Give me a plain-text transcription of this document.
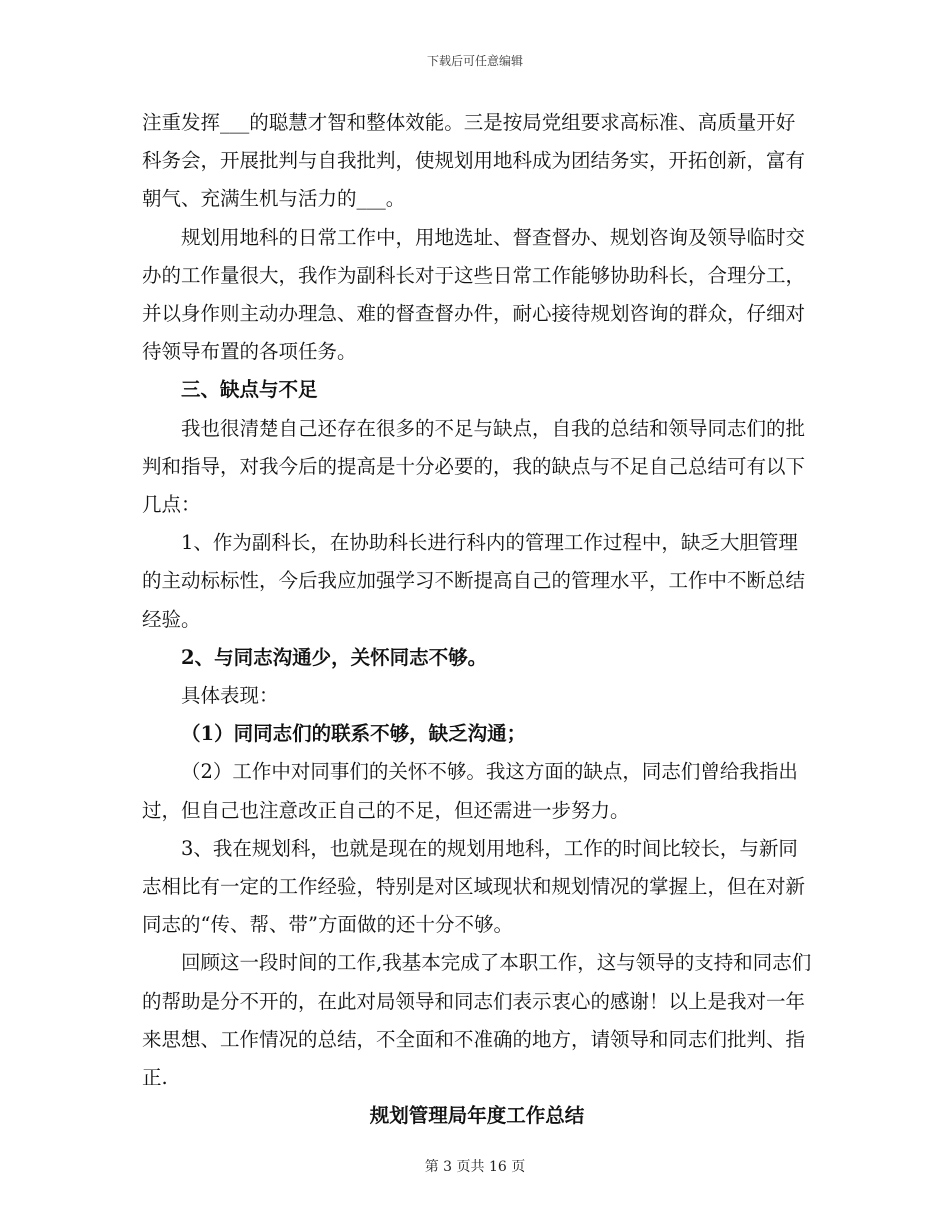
下载后可任意编辑

注重发挥___的聪慧才智和整体效能。三是按局党组要求高标准、高质量开好科务会，开展批判与自我批判，使规划用地科成为团结务实，开拓创新，富有朝气、充满生机与活力的___。

规划用地科的日常工作中，用地选址、督查督办、规划咨询及领导临时交办的工作量很大，我作为副科长对于这些日常工作能够协助科长，合理分工，并以身作则主动办理急、难的督查督办件，耐心接待规划咨询的群众，仔细对待领导布置的各项任务。

三、缺点与不足

我也很清楚自己还存在很多的不足与缺点，自我的总结和领导同志们的批判和指导，对我今后的提高是十分必要的，我的缺点与不足自己总结可有以下几点：

1、作为副科长，在协助科长进行科内的管理工作过程中，缺乏大胆管理的主动标标性，今后我应加强学习不断提高自己的管理水平，工作中不断总结经验。

2、与同志沟通少，关怀同志不够。

具体表现：

（1）同同志们的联系不够，缺乏沟通；

（2）工作中对同事们的关怀不够。我这方面的缺点，同志们曾给我指出过，但自己也注意改正自己的不足，但还需进一步努力。

3、我在规划科，也就是现在的规划用地科，工作的时间比较长，与新同志相比有一定的工作经验，特别是对区域现状和规划情况的掌握上，但在对新同志的“传、帮、带”方面做的还十分不够。

回顾这一段时间的工作,我基本完成了本职工作，这与领导的支持和同志们的帮助是分不开的，在此对局领导和同志们表示衷心的感谢！以上是我对一年来思想、工作情况的总结，不全面和不准确的地方，请领导和同志们批判、指正.

规划管理局年度工作总结

第 3 页共 16 页
